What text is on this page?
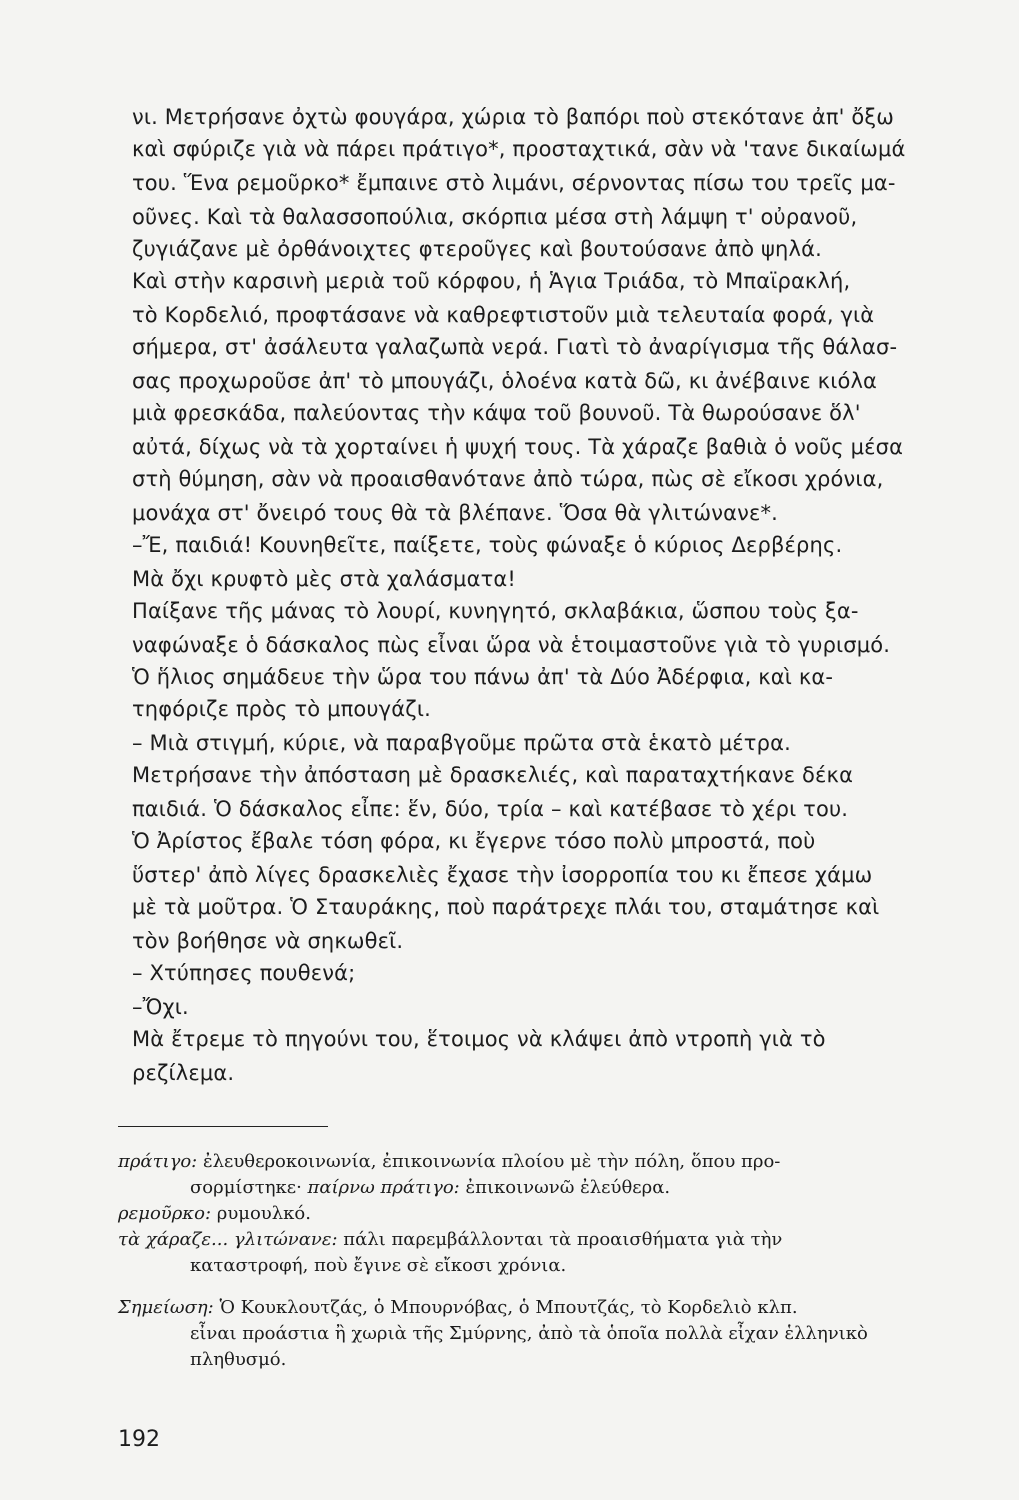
νι. Μετρήσανε ὀχτὼ φουγάρα, χώρια τὸ βαπόρι ποὺ στεκότανε ἀπ' ὄξω
καὶ σφύριζε γιὰ νὰ πάρει πράτιγο*, προσταχτικά, σὰν νὰ 'τανε δικαίωμά
του. Ἕνα ρεμοῦρκο* ἔμπαινε στὸ λιμάνι, σέρνοντας πίσω του τρεῖς μα-
οῦνες. Καὶ τὰ θαλασσοπούλια, σκόρπια μέσα στὴ λάμψη τ' οὐρανοῦ,
ζυγιάζανε μὲ ὀρθάνοιχτες φτεροῦγες καὶ βουτούσανε ἀπὸ ψηλά.
Καὶ στὴν καρσινὴ μεριὰ τοῦ κόρφου, ἡ Ἁγια Τριάδα, τὸ Μπαϊρακλή,
τὸ Κορδελιό, προφτάσανε νὰ καθρεφτιστοῦν μιὰ τελευταία φορά, γιὰ
σήμερα, στ' ἀσάλευτα γαλαζωπὰ νερά. Γιατὶ τὸ ἀναρίγισμα τῆς θάλασ-
σας προχωροῦσε ἀπ' τὸ μπουγάζι, ὁλοένα κατὰ δῶ, κι ἀνέβαινε κιόλα
μιὰ φρεσκάδα, παλεύοντας τὴν κάψα τοῦ βουνοῦ. Τὰ θωρούσανε ὅλ'
αὐτά, δίχως νὰ τὰ χορταίνει ἡ ψυχή τους. Τὰ χάραζε βαθιὰ ὁ νοῦς μέσα
στὴ θύμηση, σὰν νὰ προαισθανότανε ἀπὸ τώρα, πὼς σὲ εἴκοσι χρόνια,
μονάχα στ' ὄνειρό τους θὰ τὰ βλέπανε. Ὅσα θὰ γλιτώνανε*.
–Ἔ, παιδιά! Κουνηθεῖτε, παίξετε, τοὺς φώναξε ὁ κύριος Δερβέρης.
Μὰ ὄχι κρυφτὸ μὲς στὰ χαλάσματα!
Παίξανε τῆς μάνας τὸ λουρί, κυνηγητό, σκλαβάκια, ὥσπου τοὺς ξα-
ναφώναξε ὁ δάσκαλος πὼς εἶναι ὥρα νὰ ἑτοιμαστοῦνε γιὰ τὸ γυρισμό.
Ὁ ἥλιος σημάδευε τὴν ὥρα του πάνω ἀπ' τὰ Δύο Ἀδέρφια, καὶ κα-
τηφόριζε πρὸς τὸ μπουγάζι.
– Μιὰ στιγμή, κύριε, νὰ παραβγοῦμε πρῶτα στὰ ἑκατὸ μέτρα.
Μετρήσανε τὴν ἀπόσταση μὲ δρασκελιές, καὶ παραταχτήκανε δέκα
παιδιά. Ὁ δάσκαλος εἶπε: ἕν, δύο, τρία – καὶ κατέβασε τὸ χέρι του.
Ὁ Ἀρίστος ἔβαλε τόση φόρα, κι ἔγερνε τόσο πολὺ μπροστά, ποὺ
ὕστερ' ἀπὸ λίγες δρασκελιὲς ἔχασε τὴν ἰσορροπία του κι ἔπεσε χάμω
μὲ τὰ μοῦτρα. Ὁ Σταυράκης, ποὺ παράτρεχε πλάι του, σταμάτησε καὶ
τὸν βοήθησε νὰ σηκωθεῖ.
– Χτύπησες πουθενά;
–Ὄχι.
Μὰ ἔτρεμε τὸ πηγούνι του, ἕτοιμος νὰ κλάψει ἀπὸ ντροπὴ γιὰ τὸ
ρεζίλεμα.
πράτιγο: ἐλευθεροκοινωνία, ἐπικοινωνία πλοίου μὲ τὴν πόλη, ὅπου προ-
σορμίστηκε· παίρνω πράτιγο: ἐπικοινωνῶ ἐλεύθερα.
ρεμοῦρκο: ρυμουλκό.
τὰ χάραζε... γλιτώνανε: πάλι παρεμβάλλονται τὰ προαισθήματα γιὰ τὴν
καταστροφή, ποὺ ἔγινε σὲ εἴκοσι χρόνια.
Σημείωση: Ὁ Κουκλουτζάς, ὁ Μπουρνόβας, ὁ Μπουτζάς, τὸ Κορδελιὸ κλπ.
εἶναι προάστια ἢ χωριὰ τῆς Σμύρνης, ἀπὸ τὰ ὁποῖα πολλὰ εἶχαν ἑλληνικὸ
πληθυσμό.
192
